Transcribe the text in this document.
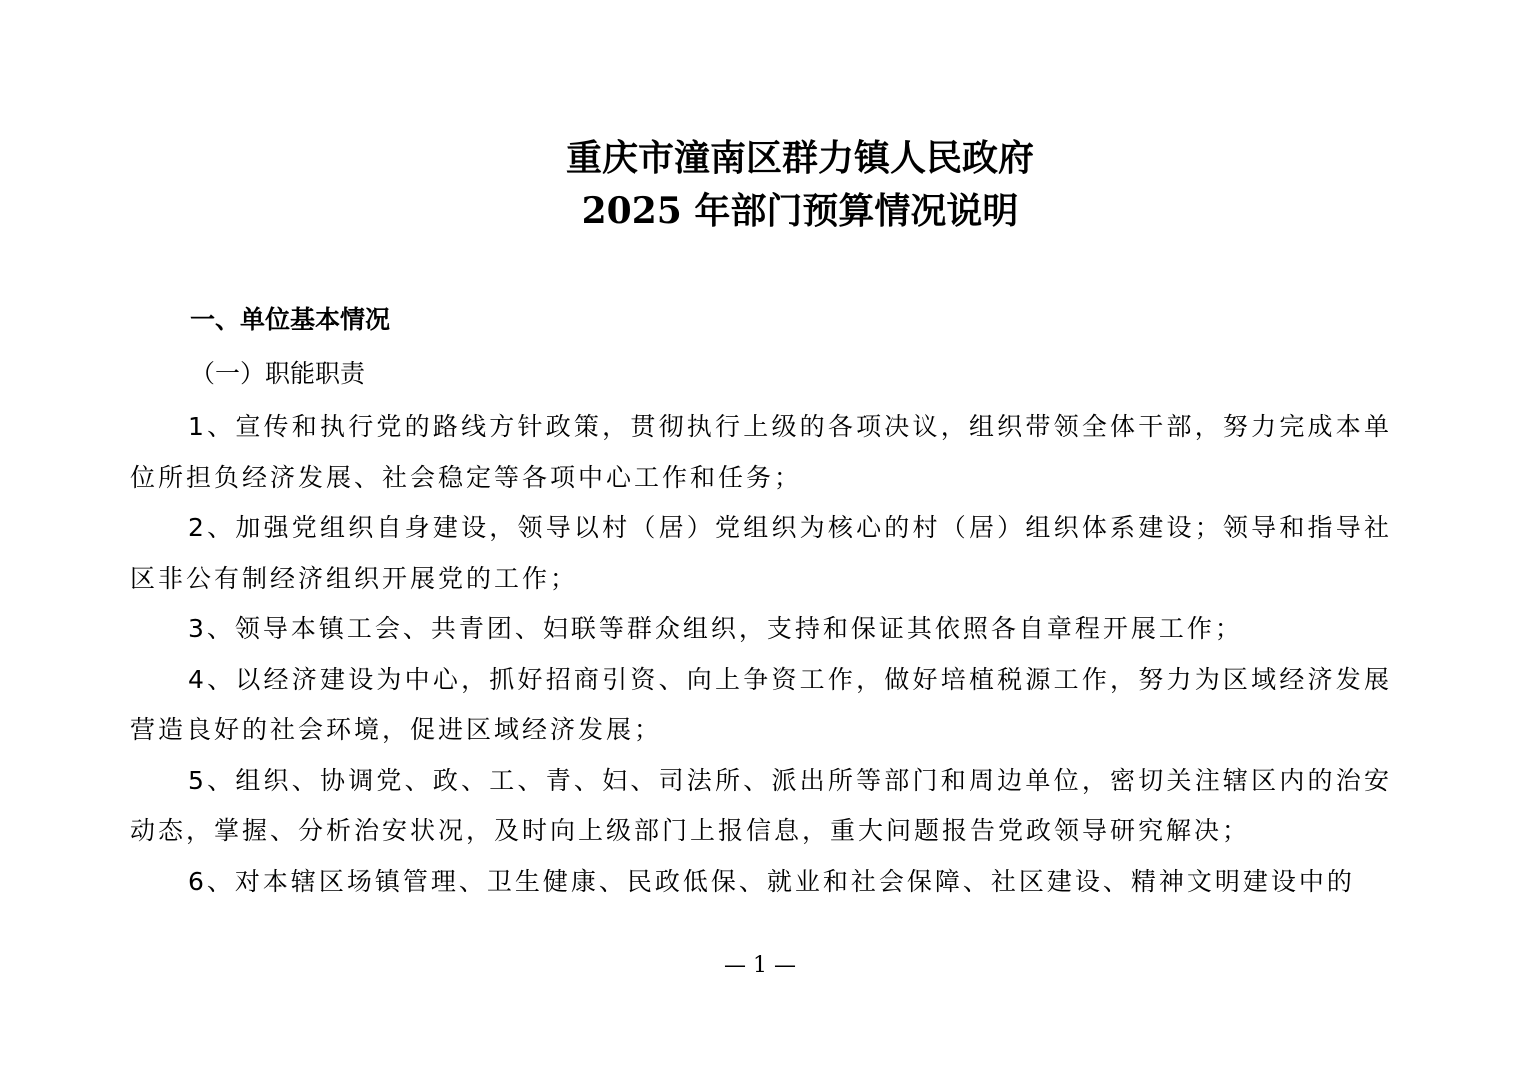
重庆市潼南区群力镇人民政府
2025 年部门预算情况说明
一、单位基本情况
（一）职能职责

1、宣传和执行党的路线方针政策，贯彻执行上级的各项决议，组织带领全体干部，努力完成本单位所担负经济发展、社会稳定等各项中心工作和任务；

2、加强党组织自身建设，领导以村（居）党组织为核心的村（居）组织体系建设；领导和指导社区非公有制经济组织开展党的工作；

3、领导本镇工会、共青团、妇联等群众组织，支持和保证其依照各自章程开展工作；

4、以经济建设为中心，抓好招商引资、向上争资工作，做好培植税源工作，努力为区域经济发展营造良好的社会环境，促进区域经济发展；

5、组织、协调党、政、工、青、妇、司法所、派出所等部门和周边单位，密切关注辖区内的治安动态，掌握、分析治安状况，及时向上级部门上报信息，重大问题报告党政领导研究解决；

6、对本辖区场镇管理、卫生健康、民政低保、就业和社会保障、社区建设、精神文明建设中的

— 1 —
